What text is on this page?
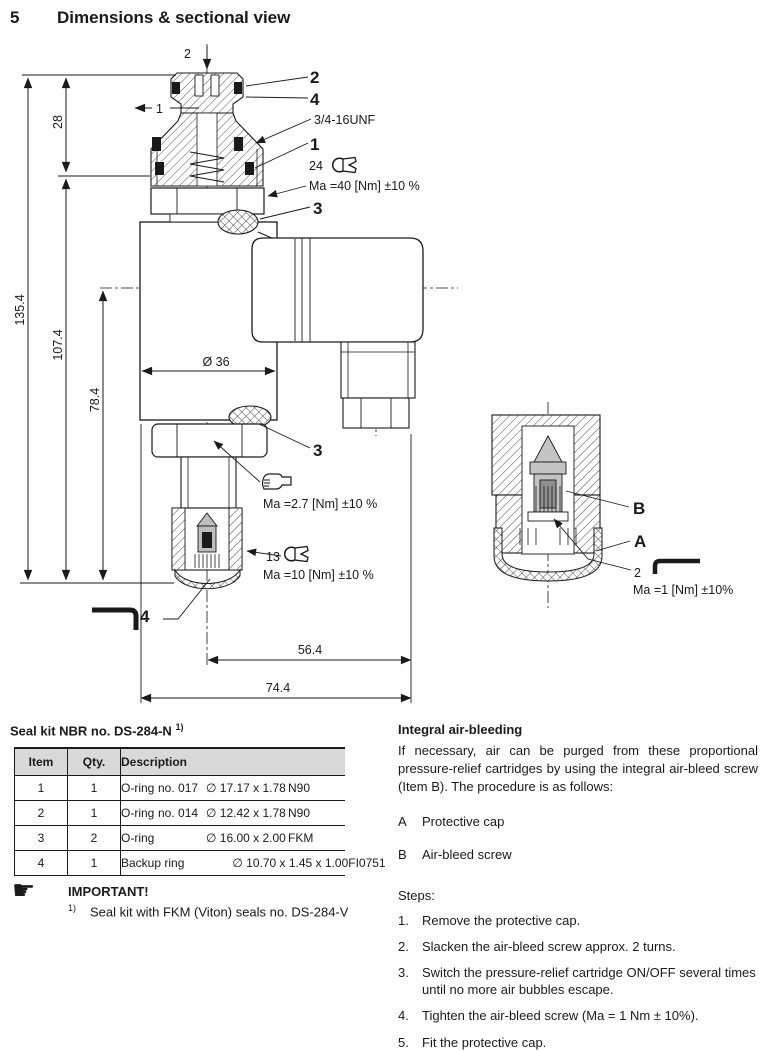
5	Dimensions & sectional view
2
1
135.4
28
107.4
78.4
Ø 36
56.4
74.4
2
4
3/4-16UNF
1
24
Ma =40 [Nm] ±10 %
3
3
Ma =2.7 [Nm] ±10 %
13
Ma =10 [Nm] ±10 %
4
B
A
2
Ma =1 [Nm] ±10%
Seal kit NBR no. DS-284-N $^{1)}$
Item	Qty.	Description
1	1	O-ring no. 017 ∅ 17.17 x 1.78 N90
2	1	O-ring no. 014 ∅ 12.42 x 1.78 N90
3	2	O-ring ∅ 16.00 x 2.00 FKM
4	1	Backup ring ∅ 10.70 x 1.45 x 1.00FI0751
☛	IMPORTANT!
$^{1)}$ Seal kit with FKM (Viton) seals no. DS-284-V
Integral air-bleeding
If necessary, air can be purged from these proportional pressure-relief cartridges by using the integral air-bleed screw (Item B). The procedure is as follows:
A	Protective cap
B	Air-bleed screw
Steps:
1.	Remove the protective cap.
2.	Slacken the air-bleed screw approx. 2 turns.
3.	Switch the pressure-relief cartridge ON/OFF several times until no more air bubbles escape.
4.	Tighten the air-bleed screw (Ma = 1 Nm ± 10%).
5.	Fit the protective cap.
